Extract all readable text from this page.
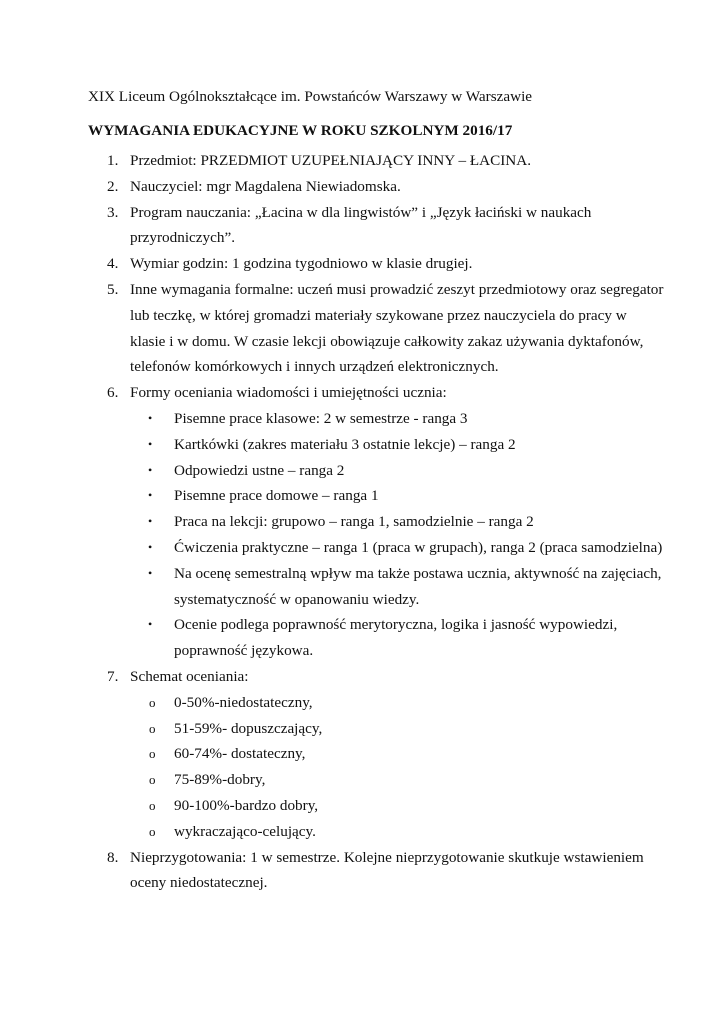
XIX Liceum Ogólnokształcące im. Powstańców Warszawy w Warszawie

WYMAGANIA EDUKACYJNE W ROKU SZKOLNYM 2016/17

1. Przedmiot: PRZEDMIOT UZUPEŁNIAJĄCY INNY – ŁACINA.
2. Nauczyciel: mgr Magdalena Niewiadomska.
3. Program nauczania: „Łacina w dla lingwistów” i „Język łaciński w naukach przyrodniczych”.
4. Wymiar godzin: 1 godzina tygodniowo w klasie drugiej.
5. Inne wymagania formalne: uczeń musi prowadzić zeszyt przedmiotowy oraz segregator lub teczkę, w której gromadzi materiały szykowane przez nauczyciela do pracy w klasie i w domu. W czasie lekcji obowiązuje całkowity zakaz używania dyktafonów, telefonów komórkowych i innych urządzeń elektronicznych.
6. Formy oceniania wiadomości i umiejętności ucznia:
• Pisemne prace klasowe: 2 w semestrze - ranga 3
• Kartkówki (zakres materiału 3 ostatnie lekcje) – ranga 2
• Odpowiedzi ustne – ranga 2
• Pisemne prace domowe – ranga 1
• Praca na lekcji: grupowo – ranga 1, samodzielnie – ranga 2
• Ćwiczenia praktyczne – ranga 1 (praca w grupach), ranga 2 (praca samodzielna)
• Na ocenę semestralną wpływ ma także postawa ucznia, aktywność na zajęciach, systematyczność w opanowaniu wiedzy.
• Ocenie podlega poprawność merytoryczna, logika i jasność wypowiedzi, poprawność językowa.
7. Schemat oceniania:
o 0-50%-niedostateczny,
o 51-59%- dopuszczający,
o 60-74%- dostateczny,
o 75-89%-dobry,
o 90-100%-bardzo dobry,
o wykraczająco-celujący.
8. Nieprzygotowania: 1 w semestrze. Kolejne nieprzygotowanie skutkuje wstawieniem oceny niedostatecznej.
